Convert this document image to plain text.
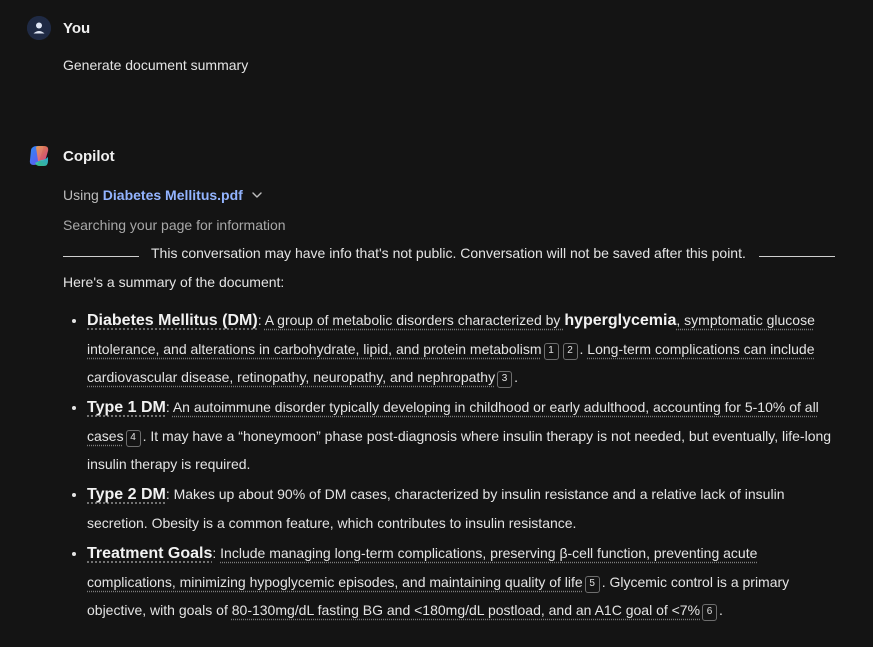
You
Generate document summary
Copilot
Using Diabetes Mellitus.pdf
Searching your page for information
This conversation may have info that's not public. Conversation will not be saved after this point.
Here's a summary of the document:
• Diabetes Mellitus (DM): A group of metabolic disorders characterized by hyperglycemia, symptomatic glucose intolerance, and alterations in carbohydrate, lipid, and protein metabolism 1 2 . Long-term complications can include cardiovascular disease, retinopathy, neuropathy, and nephropathy 3 .
• Type 1 DM: An autoimmune disorder typically developing in childhood or early adulthood, accounting for 5-10% of all cases 4 . It may have a “honeymoon” phase post-diagnosis where insulin therapy is not needed, but eventually, life-long insulin therapy is required.
• Type 2 DM: Makes up about 90% of DM cases, characterized by insulin resistance and a relative lack of insulin secretion. Obesity is a common feature, which contributes to insulin resistance.
• Treatment Goals: Include managing long-term complications, preserving β-cell function, preventing acute complications, minimizing hypoglycemic episodes, and maintaining quality of life 5 . Glycemic control is a primary objective, with goals of 80-130mg/dL fasting BG and <180mg/dL postload, and an A1C goal of <7% 6 .
